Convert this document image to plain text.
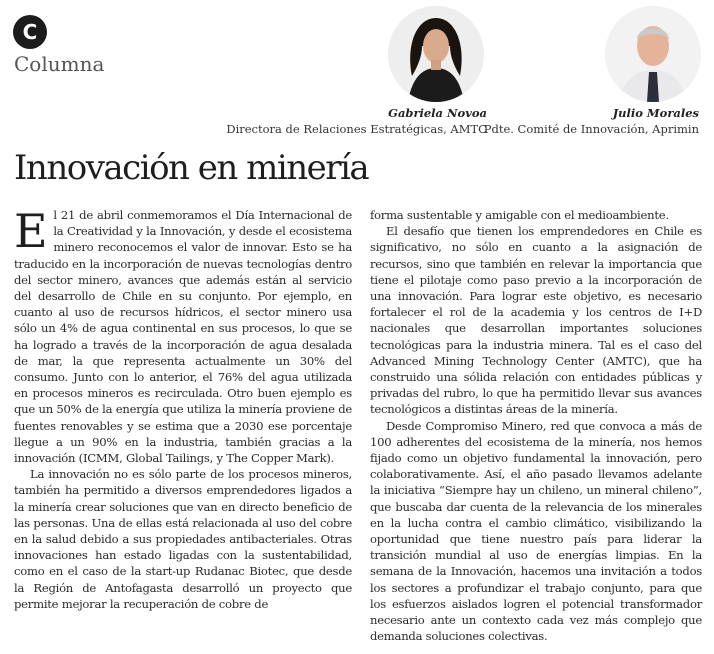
C
Columna
Gabriela Novoa
Directora de Relaciones Estratégicas, AMTC
Julio Morales
Pdte. Comité de Innovación, Aprimin
Innovación en minería

El 21 de abril conmemoramos el Día Internacional de la Creatividad y la Innovación, y desde el ecosistema minero reconocemos el valor de innovar. Esto se ha traducido en la incorporación de nuevas tecnologías dentro del sector minero, avances que además están al servicio del desarrollo de Chile en su conjunto. Por ejemplo, en cuanto al uso de recursos hídricos, el sector minero usa sólo un 4% de agua continental en sus procesos, lo que se ha logrado a través de la incorporación de agua desalada de mar, la que representa actualmente un 30% del consumo. Junto con lo anterior, el 76% del agua utilizada en procesos mineros es recirculada. Otro buen ejemplo es que un 50% de la energía que utiliza la minería proviene de fuentes renovables y se estima que a 2030 ese porcentaje llegue a un 90% en la industria, también gracias a la innovación (ICMM, Global Tailings, y The Copper Mark).

La innovación no es sólo parte de los procesos mineros, también ha permitido a diversos emprendedores ligados a la minería crear soluciones que van en directo beneficio de las personas. Una de ellas está relacionada al uso del cobre en la salud debido a sus propiedades antibacteriales. Otras innovaciones han estado ligadas con la sustentabilidad, como en el caso de la start-up Rudanac Biotec, que desde la Región de Antofagasta desarrolló un proyecto que permite mejorar la recuperación de cobre de

forma sustentable y amigable con el medioambiente.

El desafío que tienen los emprendedores en Chile es significativo, no sólo en cuanto a la asignación de recursos, sino que también en relevar la importancia que tiene el pilotaje como paso previo a la incorporación de una innovación. Para lograr este objetivo, es necesario fortalecer el rol de la academia y los centros de I+D nacionales que desarrollan importantes soluciones tecnológicas para la industria minera. Tal es el caso del Advanced Mining Technology Center (AMTC), que ha construido una sólida relación con entidades públicas y privadas del rubro, lo que ha permitido llevar sus avances tecnológicos a distintas áreas de la minería.

Desde Compromiso Minero, red que convoca a más de 100 adherentes del ecosistema de la minería, nos hemos fijado como un objetivo fundamental la innovación, pero colaborativamente. Así, el año pasado llevamos adelante la iniciativa “Siempre hay un chileno, un mineral chileno”, que buscaba dar cuenta de la relevancia de los minerales en la lucha contra el cambio climático, visibilizando la oportunidad que tiene nuestro país para liderar la transición mundial al uso de energías limpias. En la semana de la Innovación, hacemos una invitación a todos los sectores a profundizar el trabajo conjunto, para que los esfuerzos aislados logren el potencial transformador necesario ante un contexto cada vez más complejo que demanda soluciones colectivas.
